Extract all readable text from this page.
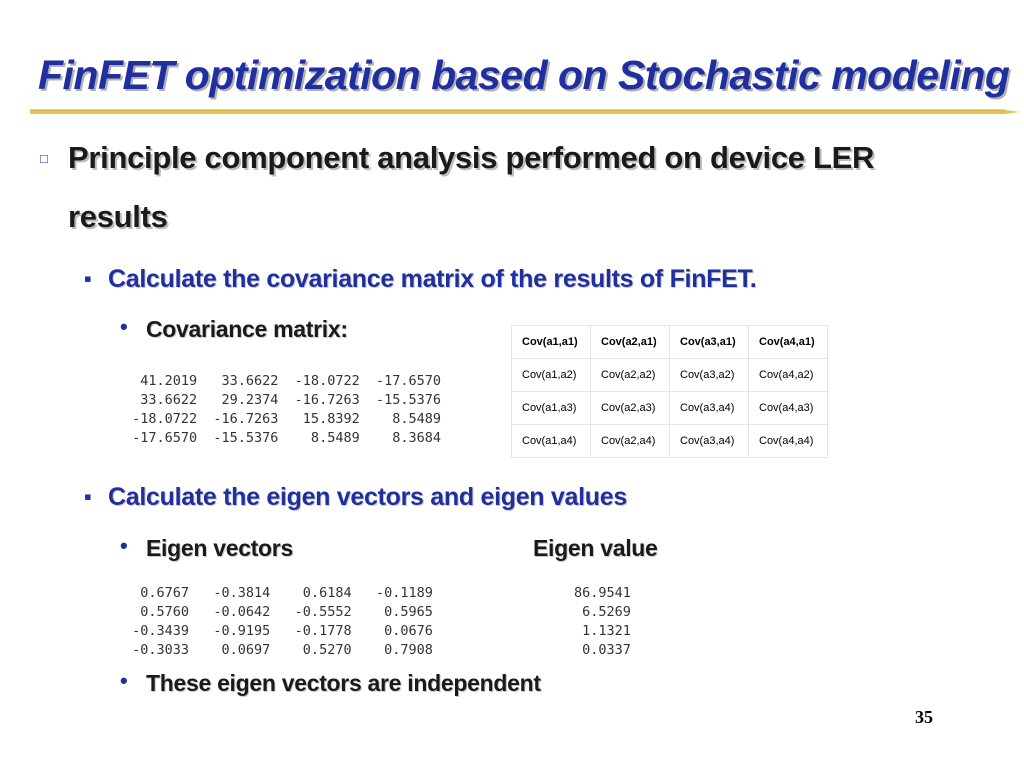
FinFET optimization based on Stochastic modeling
□ Principle component analysis performed on device LER
results
▪ Calculate the covariance matrix of the results of FinFET.
• Covariance matrix:
41.2019   33.6622  -18.0722  -17.6570
33.6622   29.2374  -16.7263  -15.5376
-18.0722  -16.7263   15.8392    8.5489
-17.6570  -15.5376    8.5489    8.3684
Cov(a1,a1)	Cov(a2,a1)	Cov(a3,a1)	Cov(a4,a1)
Cov(a1,a2)	Cov(a2,a2)	Cov(a3,a2)	Cov(a4,a2)
Cov(a1,a3)	Cov(a2,a3)	Cov(a3,a4)	Cov(a4,a3)
Cov(a1,a4)	Cov(a2,a4)	Cov(a3,a4)	Cov(a4,a4)
▪ Calculate the eigen vectors and eigen values
• Eigen vectors	Eigen value
0.6767   -0.3814    0.6184   -0.1189
0.5760   -0.0642   -0.5552    0.5965
-0.3439   -0.9195   -0.1778    0.0676
-0.3033    0.0697    0.5270    0.7908
86.9541
6.5269
1.1321
0.0337
• These eigen vectors are independent
35
